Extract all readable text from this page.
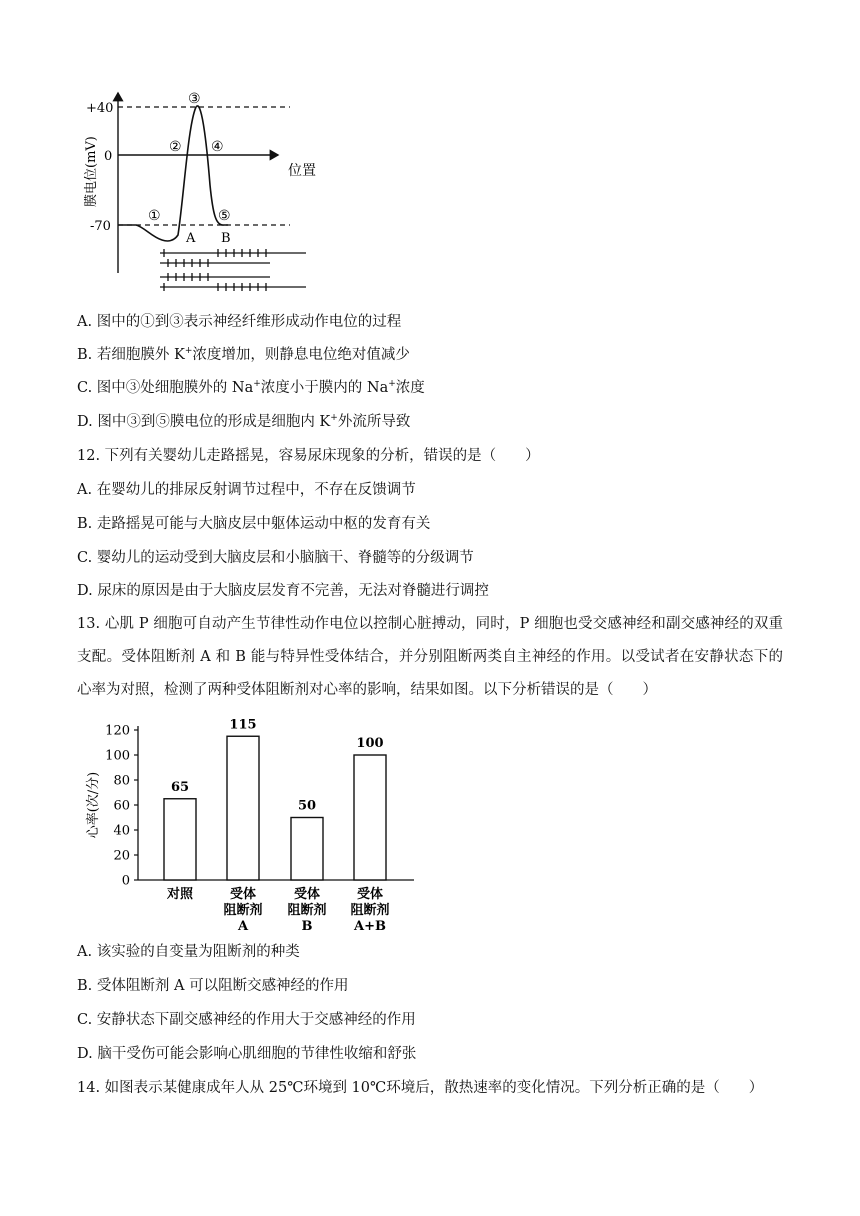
+40
0
-70
膜电位(mV)	位置
①
②
③
④
⑤
A B
A. 图中的①到③表示神经纤维形成动作电位的过程
B. 若细胞膜外 K+浓度增加，则静息电位绝对值减少
C. 图中③处细胞膜外的 Na+浓度小于膜内的 Na+浓度
D. 图中③到⑤膜电位的形成是细胞内 K+外流所导致
12. 下列有关婴幼儿走路摇晃，容易尿床现象的分析，错误的是（　　）
A. 在婴幼儿的排尿反射调节过程中，不存在反馈调节
B. 走路摇晃可能与大脑皮层中躯体运动中枢的发育有关
C. 婴幼儿的运动受到大脑皮层和小脑脑干、脊髓等的分级调节
D. 尿床的原因是由于大脑皮层发育不完善，无法对脊髓进行调控
13. 心肌 P 细胞可自动产生节律性动作电位以控制心脏搏动，同时，P 细胞也受交感神经和副交感神经的双重支配。受体阻断剂 A 和 B 能与特异性受体结合，并分别阻断两类自主神经的作用。以受试者在安静状态下的心率为对照，检测了两种受体阻断剂对心率的影响，结果如图。以下分析错误的是（　　）
0
20
40
60
80
100
120
心率(次/分)	65
对照
115
受体
阻断剂
A
50
受体
阻断剂
B
100
受体
阻断剂
A+B
A. 该实验的自变量为阻断剂的种类
B. 受体阻断剂 A 可以阻断交感神经的作用
C. 安静状态下副交感神经的作用大于交感神经的作用
D. 脑干受伤可能会影响心肌细胞的节律性收缩和舒张
14. 如图表示某健康成年人从 25℃环境到 10℃环境后，散热速率的变化情况。下列分析正确的是（　　）
